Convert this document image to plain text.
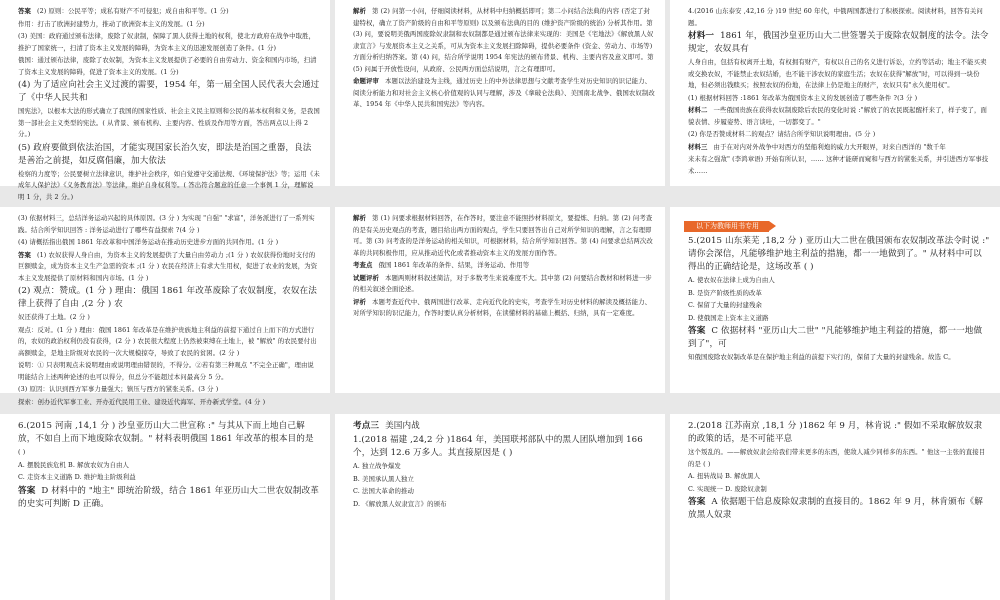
答案 (2) 原则：公民平等；成私有财产不可侵犯；成自由和平等。(1 分)

作用：打击了欧洲封建势力，推动了欧洲资本主义的发展。(1 分)

(3) 美国：政府通过颁布法律，废除了奴隶制，保障了黑人获得土地的权利，使北方政府在战争中取胜，推护了国家统一，扫清了资本主义发展的障碍，为资本主义的迅速发展创造了条件。(1 分)

俄国：通过颁布法律，废除了农奴制，为资本主义发展提供了必要的自由劳动力、资金和国内市场，扫清了资本主义发展的障碍，促进了资本主义的发展。(1 分)

(4) 为了适应向社会主义过渡的需要，1954 年，第一届全国人民代表大会通过了《中华人民共和

国宪法》，以根本大法的形式确立了我国的国家性质、社会主义民主原则和公民的基本权利和义务，是我国第一部社会主义类型的宪法。( 从背景、颁布机构、主要内容、性质及作用等方面，答出两点以上得 2 分。)

(5) 政府要做到依法治国，才能实现国家长治久安，即法是治国之重器，良法是善治之前提，如反腐倡廉，加大依法

检察的力度等；公民要树立法律意识，维护社会秩序，如自觉遵守交通法规、《环境保护法》等；运用《未成年人保护法》《义务教育法》等法律，维护自身权利等。( 答出符合题意的任意一个事例 1 分，理解说明 1 分，共 2 分。)

解析 第 (2) 问第一小问，仔细阅读材料，从材料中归纳概括即可；第二小问结合法典的内容 (否定了封建特权，确立了资产阶级的自由和平等原则) 以及颁布法典的目的 (维护资产阶级的统治) 分析其作用。第 (3) 问，要说明美俄两国废除奴隶制和农奴制都是通过颁布法律来实现的：美国是《宅地法》《解放黑人奴隶宣言》与发展资本主义之关系，可从为资本主义发展扫除障碍，提供必要条件 (资金、劳动力、市场等) 方面分析归纳答案。第 (4) 问，结合所学说明 1954 年宪法的颁布背景、机构、主要内容及意义即可。第 (5) 问属于开放性设问，从政府、公民两方面总结说明，言之有理即可。

命题评审 本题以法治建设为主线，通过历史上的中外法律思想与文献考查学生对历史知识的识记能力、阅读分析能力和对社会主义核心价值观的认同与理解，涉及《拿破仑法典》、美国南北战争、俄国农奴制改革、1954 年《中华人民共和国宪法》等内容。

4.(2016 山东泰安 ,42,16 分 )19 世纪 60 年代，中俄两国都进行了积极探索。阅读材料，回答有关问题。

材料一 1861 年，俄国沙皇亚历山大二世签署关于废除农奴制度的法令。法令规定，农奴具有

人身自由，包括有权离开土地，有权拥有财产，有权以自己的名义进行诉讼，立约等活动；地主不能买卖或交换农奴，不能禁止农奴结婚，也不能干涉农奴的家庭生活；农奴在获得"解放"时，可以得到一块份地，但必须出钱赎买；按照农奴的份地，在法律上仍是地主的财产，农奴只有"永久使用权"。

(1) 根据材料回答 :1861 年改革为俄国资本主义的发展创造了哪些条件 ?(3 分 )

材料二 一些俄国贵族在获得农奴制废除后农民的变化时说 :"解放了的农民既起醒杆来了，样子变了，面貌表情、步履姿势、语言谈吐，一切都变了。"

(2) 你是否赞成材料二的观点？请结合所学知识说明理由。(5 分 )

材料三 由于在对内对外战争中对西方的坚船利炮的威力大开眼界，对来自西洋的 "数千年

来未有之强敌" (李鸿章语) 开始有所认识，…… 这种才能研而窥和与西方的紧张关系，并引进西方军事技术……

(3) 依据材料三，总结洋务运动兴起的具体原因。(3 分 ) 为实现 "自强" "求富"，洋务派进行了一系列实践。结合所学知识回答 : 洋务运动进行了哪些有益探索 ?(4 分 )

(4) 请概括指出俄国 1861 年改革和中国洋务运动在推动历史进步方面的共同作用。(1 分 )

答案 (1) 农奴获得人身自由，为资本主义的发展提供了大量自由劳动力 ;(1 分 ) 农奴获得份地时支付的巨额赎金，成为资本主义生产急需的资本 ;(1 分 ) 农民在经济上有求大生用权，促进了农业的发展，为资本主义发展提供了原材料和国内市场。(1 分 )

(2) 观点：赞成。(1 分 ) 理由：俄国 1861 年改革废除了农奴制度，农奴在法律上获得了自由 ,(2 分 ) 农

奴还获得了土地。(2 分 )

观点：反对。(1 分 ) 理由：俄国 1861 年改革是在维护贵族地主利益的前提下通过自上而下的方式进行的，农奴的政治权利仍没有获得，(2 分 ) 农民很大程度上仍然被束缚在土地上，被 "解放" 的农民要付出高额赎金，是地主阶级对农民的一次大规模掠夺，导致了农民的贫困。(2 分 )

说明：① 只表明观点未说明理由或说明理由错误的，不得分。②若有第三种观点 "不完全正确"，理由说明能结合上述两种论述的也可以得分，但总分不能超过本问最高分 5 分。

(3) 原因：认识到西方军事力量强大；镇压与西方的紧张关系。(3 分 )

探索：创办近代军事工业、开办近代民用工业、建设近代海军、开办新式学堂。(4 分 )

解析 第 (1) 问要求根据材料回答，在作答时，要注意不能照抄材料原文，要提炼、归纳。第 (2) 问考查的是有关历史观点的考查，题目给出两方面的观点，学生只要回答出自己对所学知识的理解，言之有理即可。第 (3) 问考查的是洋务运动的相关知识，可根据材料，结合所学知识回答。第 (4) 问要求总结两次改革的共同积极作用，应从推动近代化或者推动资本主义的发展方面作答。

考查点 俄国 1861 年改革的条件、结果，洋务运动、作用等

试题评析 本题两则材料叙述简洁，对于多数考生来说难度不大。其中第 (2) 问要结合教材和材料进一步的相关叙述全面论述。

评析 本题考查近代中、俄两国进行改革、走向近代化的史实，考查学生对历史材料的解读及概括能力、对所学知识的识记能力，作答时要认真分析材料，在读懂材料的基础上概括、归纳，具有一定难度。

以下为教师用书专用

5.(2015 山东莱芜 ,18,2 分 ) 亚历山大二世在俄国颁布农奴制改革法令时说 :" 请你会深信，凡能够维护地主利益的措施，都一一地做到了。" 从材料中可以得出的正确结论是，这场改革 ( )

A. 使农奴在法律上成为自由人

B. 是资产阶级性质的改革

C. 保留了大量的封建残余

D. 使俄国走上资本主义道路

答案 C 依据材料 "亚历山大二世" "凡能够维护地主利益的措施，都一一地做到了"，可

知俄国废除农奴制改革是在保护地主利益的前提下实行的，保留了大量的封建残余。故选 C。

6.(2015 河南 ,14,1 分 ) 沙皇亚历山大二世宣称 :" 与其从下而上地自己解放，不如自上而下地废除农奴制。" 材料表明俄国 1861 年改革的根本目的是

( )

A. 摆脱民族危机 B. 解放农奴为自由人

C. 走资本主义道路 D. 维护地主阶级利益

答案 D 材料中的 "地主" 即统治阶级，结合 1861 年亚历山大二世农奴制改革的史实可判断 D 正确。

考点三 美国内战

1.(2018 福建 ,24,2 分 )1864 年，美国联邦部队中的黑人团队增加到 166 个，达到 12.6 万多人。其直接原因是 ( )

A. 独立战争爆发

B. 美国承认黑人独立

C. 法国大革命的推动

D. 《解放黑人奴隶宣言》的颁布

2.(2018 江苏南京 ,18,1 分 )1862 年 9 月，林肯说 :" 假如不采取解放奴隶的政策的话，是不可能平息

这个叛乱的。——解放奴隶会给我们带来更多的东西，使敌人减少同样多的东西。" 他这一主张的直接目的是 ( )

A. 扭转战局 B. 解放黑人

C. 实现统一 D. 废除奴隶制

答案 A 依据题干信息废除奴隶制的直接目的。1862 年 9 月，林肯颁布《解放黑人奴隶
